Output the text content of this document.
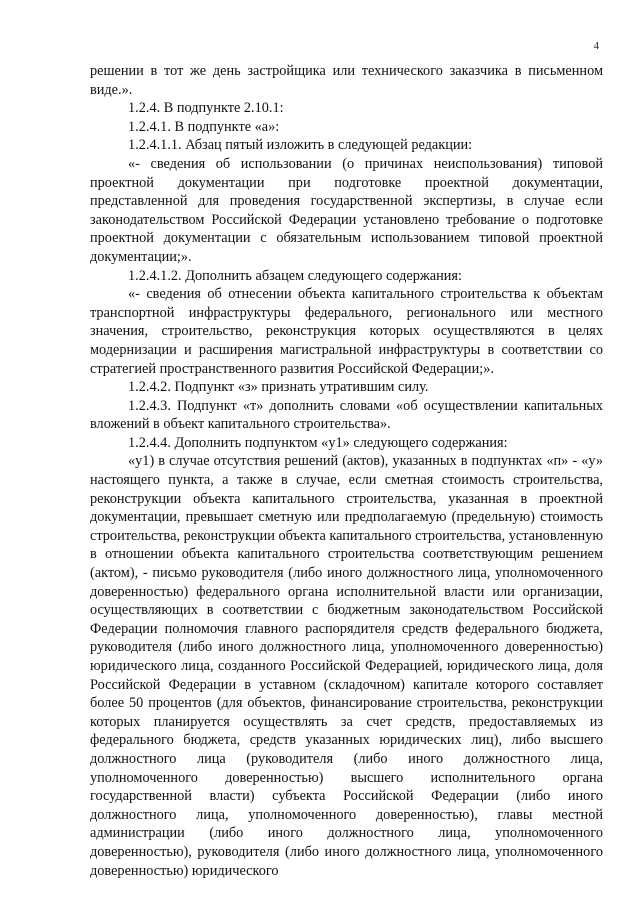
4

решении в тот же день застройщика или технического заказчика в письменном виде.».

1.2.4. В подпункте 2.10.1:

1.2.4.1. В подпункте «а»:

1.2.4.1.1. Абзац пятый изложить в следующей редакции:

«- сведения об использовании (о причинах неиспользования) типовой проектной документации при подготовке проектной документации, представленной для проведения государственной экспертизы, в случае если законодательством Российской Федерации установлено требование о подготовке проектной документации с обязательным использованием типовой проектной документации;».

1.2.4.1.2. Дополнить абзацем следующего содержания:

«- сведения об отнесении объекта капитального строительства к объектам транспортной инфраструктуры федерального, регионального или местного значения, строительство, реконструкция которых осуществляются в целях модернизации и расширения магистральной инфраструктуры в соответствии со стратегией пространственного развития Российской Федерации;».

1.2.4.2. Подпункт «з» признать утратившим силу.

1.2.4.3. Подпункт «т» дополнить словами «об осуществлении капитальных вложений в объект капитального строительства».

1.2.4.4. Дополнить подпунктом «у1» следующего содержания:

«у1) в случае отсутствия решений (актов), указанных в подпунктах «п» - «у» настоящего пункта, а также в случае, если сметная стоимость строительства, реконструкции объекта капитального строительства, указанная в проектной документации, превышает сметную или предполагаемую (предельную) стоимость строительства, реконструкции объекта капитального строительства, установленную в отношении объекта капитального строительства соответствующим решением (актом), - письмо руководителя (либо иного должностного лица, уполномоченного доверенностью) федерального органа исполнительной власти или организации, осуществляющих в соответствии с бюджетным законодательством Российской Федерации полномочия главного распорядителя средств федерального бюджета, руководителя (либо иного должностного лица, уполномоченного доверенностью) юридического лица, созданного Российской Федерацией, юридического лица, доля Российской Федерации в уставном (складочном) капитале которого составляет более 50 процентов (для объектов, финансирование строительства, реконструкции которых планируется осуществлять за счет средств, предоставляемых из федерального бюджета, средств указанных юридических лиц), либо высшего должностного лица (руководителя (либо иного должностного лица, уполномоченного доверенностью) высшего исполнительного органа государственной власти) субъекта Российской Федерации (либо иного должностного лица, уполномоченного доверенностью), главы местной администрации (либо иного должностного лица, уполномоченного доверенностью), руководителя (либо иного должностного лица, уполномоченного доверенностью) юридического
